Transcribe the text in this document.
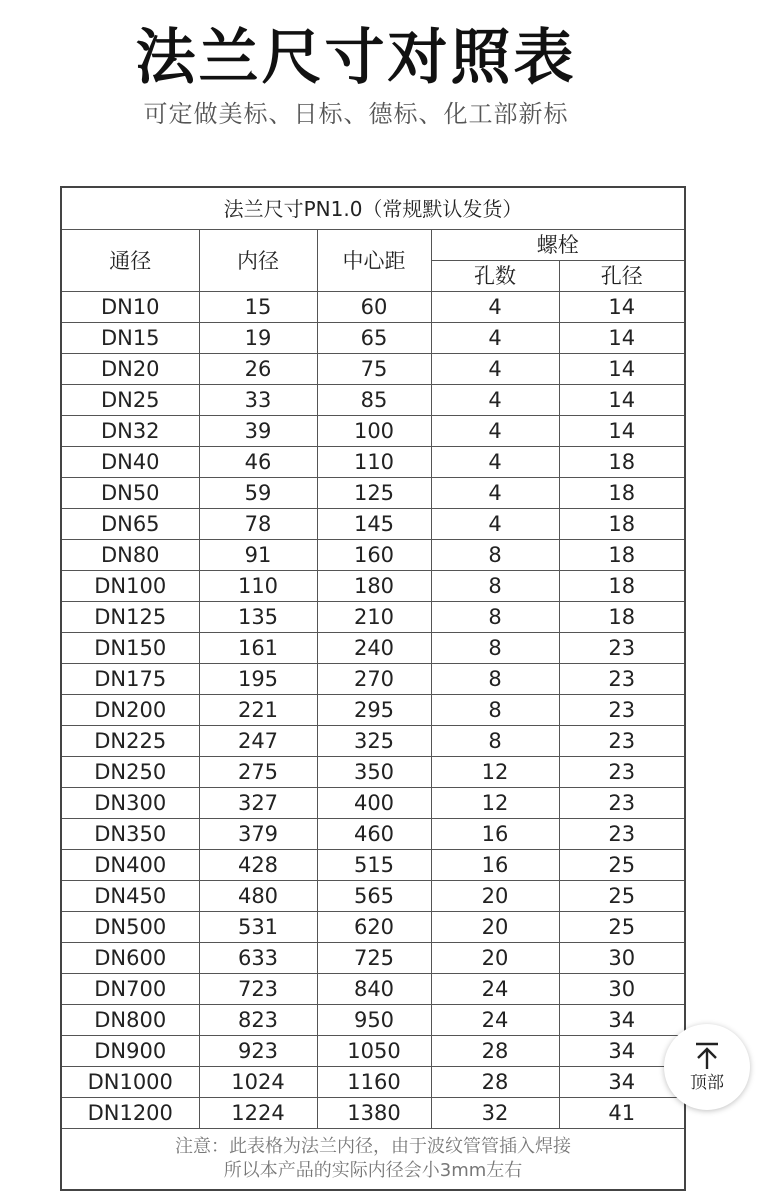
法兰尺寸对照表
可定做美标、日标、德标、化工部新标
法兰尺寸PN1.0（常规默认发货）				
通径	内径	中心距	螺栓	
			孔数	孔径
DN10	15	60	4	14
DN15	19	65	4	14
DN20	26	75	4	14
DN25	33	85	4	14
DN32	39	100	4	14
DN40	46	110	4	18
DN50	59	125	4	18
DN65	78	145	4	18
DN80	91	160	8	18
DN100	110	180	8	18
DN125	135	210	8	18
DN150	161	240	8	23
DN175	195	270	8	23
DN200	221	295	8	23
DN225	247	325	8	23
DN250	275	350	12	23
DN300	327	400	12	23
DN350	379	460	16	23
DN400	428	515	16	25
DN450	480	565	20	25
DN500	531	620	20	25
DN600	633	725	20	30
DN700	723	840	24	30
DN800	823	950	24	34
DN900	923	1050	28	34
DN1000	1024	1160	28	34
DN1200	1224	1380	32	41

注意：此表格为法兰内径，由于波纹管管插入焊接
所以本产品的实际内径会小3mm左右				
顶部
